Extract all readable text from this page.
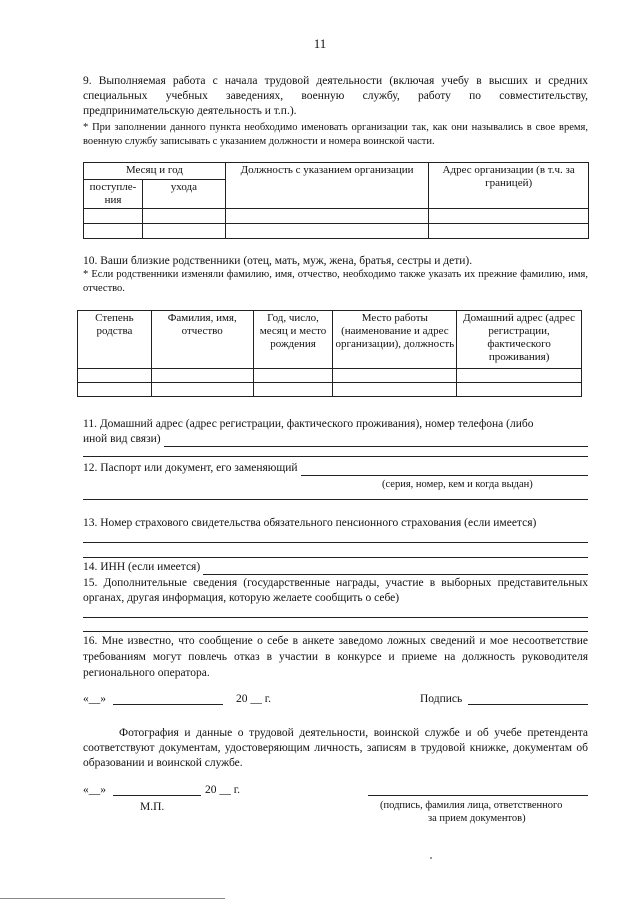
11
9. Выполняемая работа с начала трудовой деятельности (включая учебу в высших и средних специальных учебных заведениях, военную службу, работу по совместительству, предпринимательскую деятельность и т.п.).
* При заполнении данного пункта необходимо именовать организации так, как они назывались в свое время, военную службу записывать с указанием должности и номера воинской части.
Месяц и год		Должность с указанием организации	Адрес организации (в т.ч. за границей)
поступле-
ния	ухода		

10. Ваши близкие родственники (отец, мать, муж, жена, братья, сестры и дети).
* Если родственники изменяли фамилию, имя, отчество, необходимо также указать их прежние фамилию, имя, отчество.
Степень родства	Фамилия, имя, отчество	Год, число, месяц и место рождения	Место работы (наименование и адрес организации), должность	Домашний адрес (адрес регистрации, фактического проживания)

11. Домашний адрес (адрес регистрации, фактического проживания), номер телефона (либо
иной вид связи)
12. Паспорт или документ, его заменяющий
(серия, номер, кем и когда выдан)
13. Номер страхового свидетельства обязательного пенсионного страхования (если имеется)
14. ИНН (если имеется)
15. Дополнительные сведения (государственные награды, участие в выборных представительных органах, другая информация, которую желаете сообщить о себе)
16. Мне известно, что сообщение о себе в анкете заведомо ложных сведений и мое несоответствие требованиям могут повлечь отказ в участии в конкурсе и приеме на должность руководителя регионального оператора.
«__»	20 __ г.	Подпись
Фотография и данные о трудовой деятельности, воинской службе и об учебе претендента соответствуют документам, удостоверяющим личность, записям в трудовой книжке, документам об образовании и воинской службе.
«__»	20 __ г.
М.П.	(подпись, фамилия лица, ответственного
за прием документов)
